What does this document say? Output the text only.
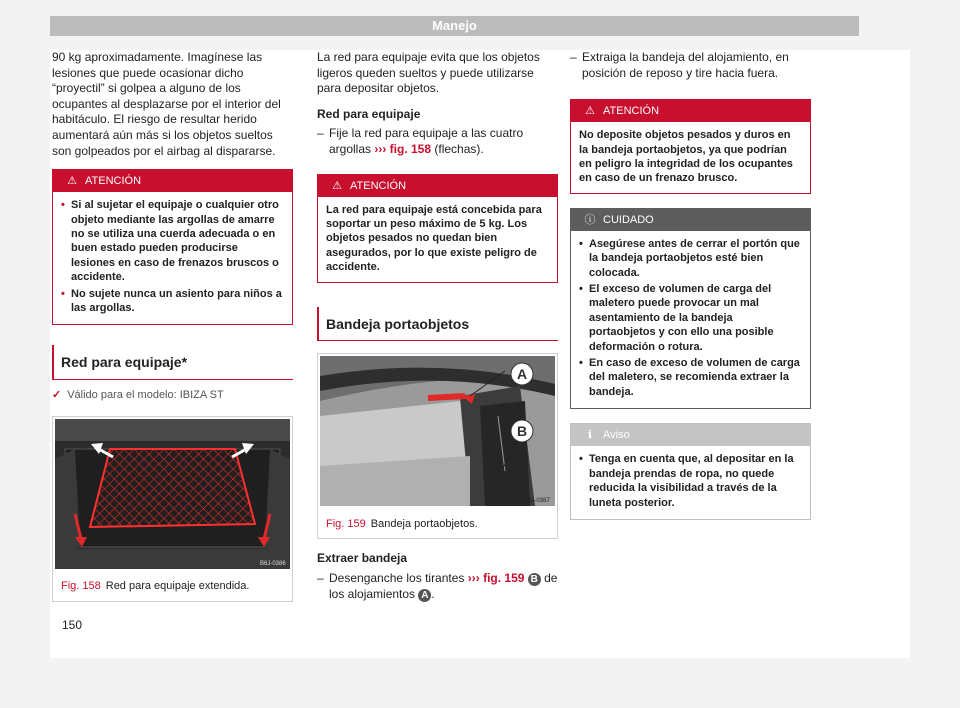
Manejo

90 kg aproximadamente. Imagínese las lesiones que puede ocasionar dicho “proyectil” si golpea a alguno de los ocupantes al desplazarse por el interior del habitáculo. El riesgo de resultar herido aumentará aún más si los objetos sueltos son golpeados por el airbag al dispararse.

⚠ ATENCIÓN
• Si al sujetar el equipaje o cualquier otro objeto mediante las argollas de amarre no se utiliza una cuerda adecuada o en buen estado pueden producirse lesiones en caso de frenazos bruscos o accidente.
• No sujete nunca un asiento para niños a las argollas.
Red para equipaje*
✓ Válido para el modelo: IBIZA ST
B6J-0386
Fig. 158 Red para equipaje extendida.

La red para equipaje evita que los objetos ligeros queden sueltos y puede utilizarse para depositar objetos.

Red para equipaje
– Fije la red para equipaje a las cuatro argollas ››› fig. 158 (flechas).
⚠ ATENCIÓN
La red para equipaje está concebida para soportar un peso máximo de 5 kg. Los objetos pesados no quedan bien asegurados, por lo que existe peligro de accidente.
Bandeja portaobjetos
A
B
B6J-0387
Fig. 159 Bandeja portaobjetos.
Extraer bandeja
– Desenganche los tirantes ››› fig. 159 B de los alojamientos A .
– Extraiga la bandeja del alojamiento, en posición de reposo y tire hacia fuera.
⚠ ATENCIÓN
No deposite objetos pesados y duros en la bandeja portaobjetos, ya que podrían en peligro la integridad de los ocupantes en caso de un frenazo brusco.
ⓘ CUIDADO
• Asegúrese antes de cerrar el portón que la bandeja portaobjetos esté bien colocada.
• El exceso de volumen de carga del maletero puede provocar un mal asentamiento de la bandeja portaobjetos y con ello una posible deformación o rotura.
• En caso de exceso de volumen de carga del maletero, se recomienda extraer la bandeja.
ℹ Aviso
• Tenga en cuenta que, al depositar en la bandeja prendas de ropa, no quede reducida la visibilidad a través de la luneta posterior.
150
